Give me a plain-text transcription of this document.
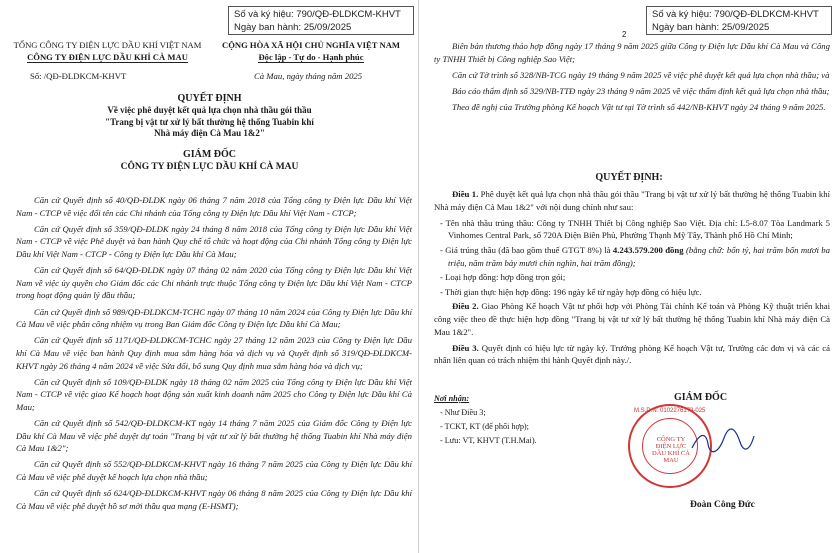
Số và ký hiệu: 790/QĐ-ĐLDKCM-KHVT
Ngày ban hành: 25/09/2025
TỔNG CÔNG TY ĐIỆN LỰC DẦU KHÍ VIỆT NAM
CÔNG TY ĐIỆN LỰC DẦU KHÍ CÀ MAU
CỘNG HÒA XÃ HỘI CHỦ NGHĨA VIỆT NAM
Độc lập - Tự do - Hạnh phúc
Số: /QĐ-ĐLDKCM-KHVT	Cà Mau, ngày tháng năm 2025
QUYẾT ĐỊNH
Về việc phê duyệt kết quả lựa chọn nhà thầu gói thầu
"Trang bị vật tư xử lý bất thường hệ thống Tuabin khí
Nhà máy điện Cà Mau 1&2"
GIÁM ĐỐC
CÔNG TY ĐIỆN LỰC DẦU KHÍ CÀ MAU

Căn cứ Quyết định số 40/QĐ-ĐLDK ngày 06 tháng 7 năm 2018 của Tổng công ty Điện lực Dầu khí Việt Nam - CTCP về việc đổi tên các Chi nhánh của Tổng công ty Điện lực Dầu khí Việt Nam - CTCP;

Căn cứ Quyết định số 359/QĐ-ĐLDK ngày 24 tháng 8 năm 2018 của Tổng công ty Điện lực Dầu khí Việt Nam - CTCP về việc Phê duyệt và ban hành Quy chế tổ chức và hoạt động của Chi nhánh Tổng công ty Điện lực Dầu khí Việt Nam - CTCP - Công ty Điện lực Dầu khí Cà Mau;

Căn cứ Quyết định số 64/QĐ-ĐLDK ngày 07 tháng 02 năm 2020 của Tổng công ty Điện lực Dầu khí Việt Nam về việc ủy quyền cho Giám đốc các Chi nhánh trực thuộc Tổng công ty Điện lực Dầu khí Việt Nam - CTCP trong hoạt động quản lý đầu thầu;

Căn cứ Quyết định số 989/QĐ-ĐLDKCM-TCHC ngày 07 tháng 10 năm 2024 của Công ty Điện lực Dầu khí Cà Mau về việc phân công nhiệm vụ trong Ban Giám đốc Công ty Điện lực Dầu khí Cà Mau;

Căn cứ Quyết định số 1171/QĐ-ĐLDKCM-TCHC ngày 27 tháng 12 năm 2023 của Công ty Điện lực Dầu khí Cà Mau về việc ban hành Quy định mua sắm hàng hóa và dịch vụ và Quyết định số 319/QĐ-ĐLDKCM-KHVT ngày 26 tháng 4 năm 2024 về việc Sửa đổi, bổ sung Quy định mua sắm hàng hóa và dịch vụ;

Căn cứ Quyết định số 109/QĐ-ĐLDK ngày 18 tháng 02 năm 2025 của Tổng công ty Điện lực Dầu khí Việt Nam - CTCP về việc giao Kế hoạch hoạt động sản xuất kinh doanh năm 2025 cho Công ty Điện lực Dầu khí Cà Mau;

Căn cứ Quyết định số 542/QĐ-ĐLDKCM-KT ngày 14 tháng 7 năm 2025 của Giám đốc Công ty Điện lực Dầu khí Cà Mau về việc phê duyệt dự toán "Trang bị vật tư xử lý bất thường hệ thống Tuabin khí Nhà máy điện Cà Mau 1&2";

Căn cứ Quyết định số 552/QĐ-ĐLDKCM-KHVT ngày 16 tháng 7 năm 2025 của Công ty Điện lực Dầu khí Cà Mau về việc phê duyệt kế hoạch lựa chọn nhà thầu;

Căn cứ Quyết định số 624/QĐ-ĐLDKCM-KHVT ngày 06 tháng 8 năm 2025 của Công ty Điện lực Dầu khí Cà Mau về việc phê duyệt hồ sơ mời thầu qua mạng (E-HSMT);

2
Số và ký hiệu: 790/QĐ-ĐLDKCM-KHVT
Ngày ban hành: 25/09/2025

Biên bản thương thảo hợp đồng ngày 17 tháng 9 năm 2025 giữa Công ty Điện lực Dầu khí Cà Mau và Công ty TNHH Thiết bị Công nghiệp Sao Việt;

Căn cứ Tờ trình số 328/NB-TCG ngày 19 tháng 9 năm 2025 về việc phê duyệt kết quả lựa chọn nhà thầu; và

Báo cáo thẩm định số 329/NB-TTĐ ngày 23 tháng 9 năm 2025 về việc thẩm định kết quả lựa chọn nhà thầu;

Theo đề nghị của Trưởng phòng Kế hoạch Vật tư tại Tờ trình số 442/NB-KHVT ngày 24 tháng 9 năm 2025.

QUYẾT ĐỊNH:

Điều 1. Phê duyệt kết quả lựa chọn nhà thầu gói thầu "Trang bị vật tư xử lý bất thường hệ thống Tuabin khí Nhà máy điện Cà Mau 1&2" với nội dung chính như sau:

- Tên nhà thầu trúng thầu: Công ty TNHH Thiết bị Công nghiệp Sao Việt. Địa chỉ: L5-8.07 Tòa Landmark 5 Vinhomes Central Park, số 720A Điện Biên Phủ, Phường Thạnh Mỹ Tây, Thành phố Hồ Chí Minh;

- Giá trúng thầu (đã bao gồm thuế GTGT 8%) là 4.243.579.200 đồng (bằng chữ: bốn tỷ, hai trăm bốn mươi ba triệu, năm trăm bảy mươi chín nghìn, hai trăm đồng);

- Loại hợp đồng: hợp đồng trọn gói;

- Thời gian thực hiện hợp đồng: 196 ngày kể từ ngày hợp đồng có hiệu lực.

Điều 2. Giao Phòng Kế hoạch Vật tư phối hợp với Phòng Tài chính Kế toán và Phòng Kỹ thuật triển khai công việc theo đề thực hiện hợp đồng "Trang bị vật tư xử lý bất thường hệ thống Tuabin khí Nhà máy điện Cà Mau 1&2".

Điều 3. Quyết định có hiệu lực từ ngày ký. Trưởng phòng Kế hoạch Vật tư, Trưởng các đơn vị và các cá nhân liên quan có trách nhiệm thi hành Quyết định này./.

Nơi nhận:
- Như Điều 3;
- TCKT, KT (để phối hợp);
- Lưu: VT, KHVT (T.H.Mai).
GIÁM ĐỐC
M.S.D.N: 0102276173-025
CÔNG TY ĐIỆN LỰC DẦU KHÍ CÀ MAU
Đoàn Công Đức
